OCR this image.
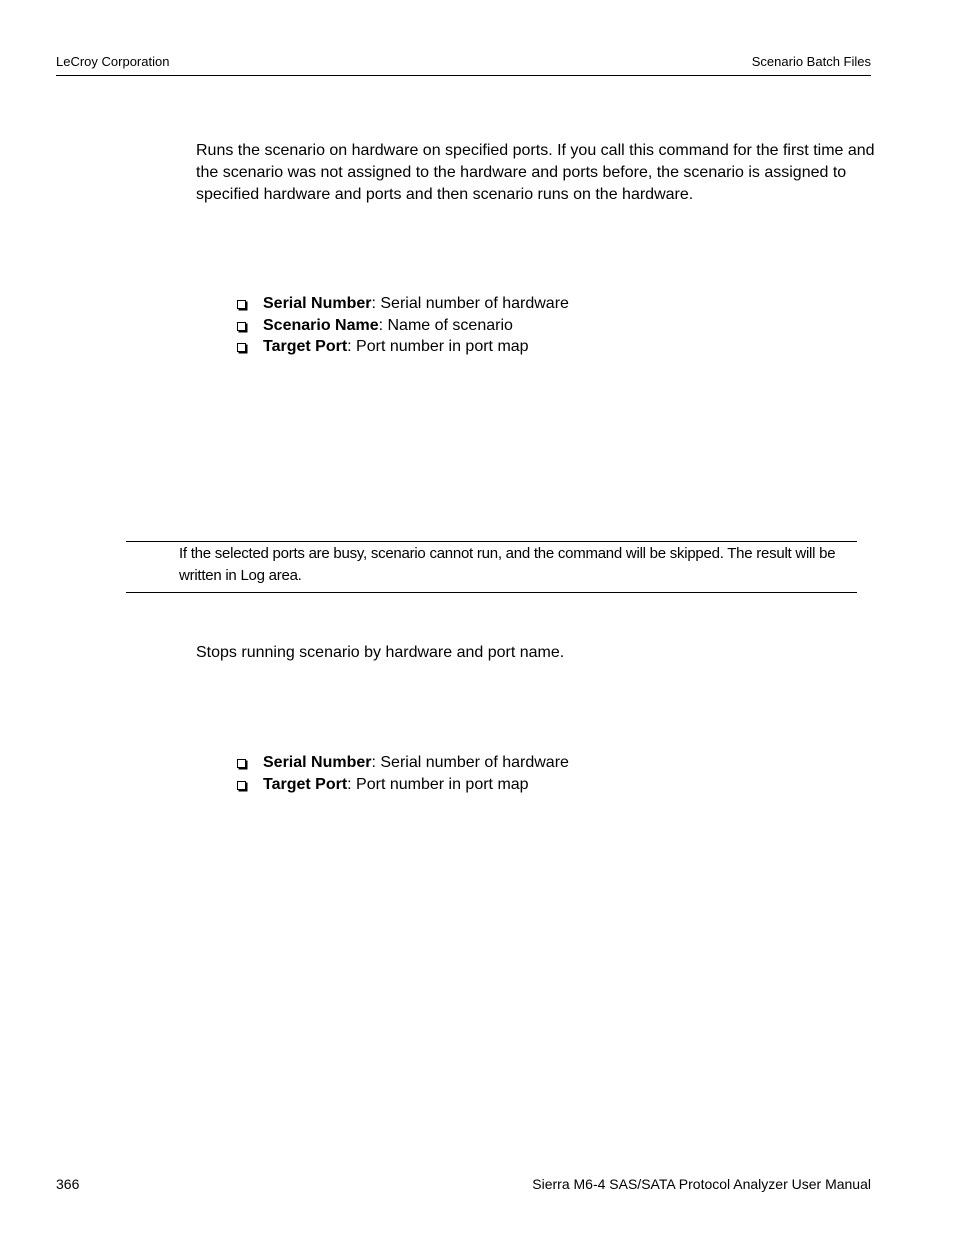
LeCroy Corporation	Scenario Batch Files

Runs the scenario on hardware on specified ports. If you call this command for the first time and the scenario was not assigned to the hardware and ports before, the scenario is assigned to specified hardware and ports and then scenario runs on the hardware.

Serial Number: Serial number of hardware
Scenario Name: Name of scenario
Target Port: Port number in port map

If the selected ports are busy, scenario cannot run, and the command will be skipped. The result will be written in Log area.

Stops running scenario by hardware and port name.

Serial Number: Serial number of hardware
Target Port: Port number in port map
366	Sierra M6-4 SAS/SATA Protocol Analyzer User Manual
